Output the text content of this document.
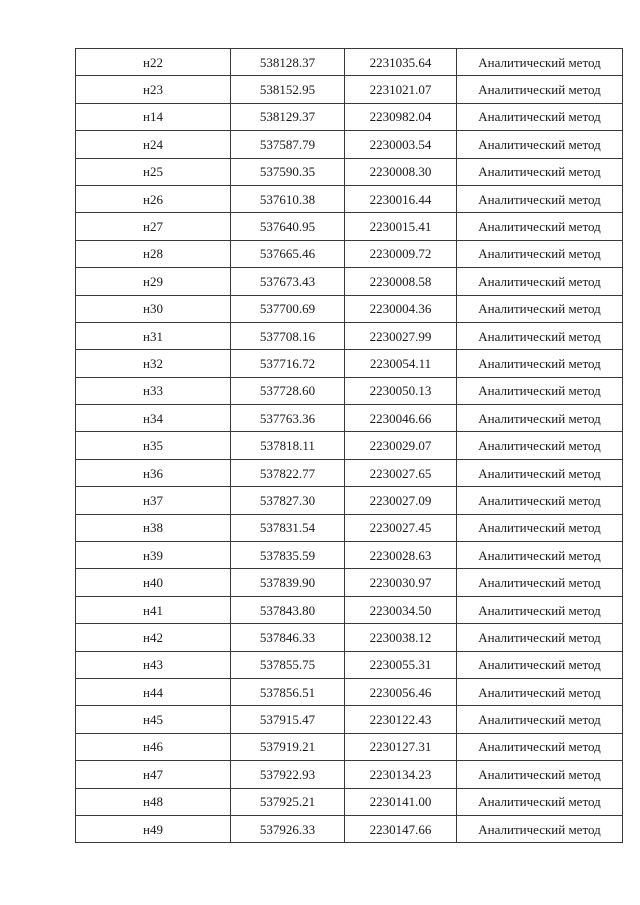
н22	538128.37	2231035.64	Аналитический метод
н23	538152.95	2231021.07	Аналитический метод
н14	538129.37	2230982.04	Аналитический метод
н24	537587.79	2230003.54	Аналитический метод
н25	537590.35	2230008.30	Аналитический метод
н26	537610.38	2230016.44	Аналитический метод
н27	537640.95	2230015.41	Аналитический метод
н28	537665.46	2230009.72	Аналитический метод
н29	537673.43	2230008.58	Аналитический метод
н30	537700.69	2230004.36	Аналитический метод
н31	537708.16	2230027.99	Аналитический метод
н32	537716.72	2230054.11	Аналитический метод
н33	537728.60	2230050.13	Аналитический метод
н34	537763.36	2230046.66	Аналитический метод
н35	537818.11	2230029.07	Аналитический метод
н36	537822.77	2230027.65	Аналитический метод
н37	537827.30	2230027.09	Аналитический метод
н38	537831.54	2230027.45	Аналитический метод
н39	537835.59	2230028.63	Аналитический метод
н40	537839.90	2230030.97	Аналитический метод
н41	537843.80	2230034.50	Аналитический метод
н42	537846.33	2230038.12	Аналитический метод
н43	537855.75	2230055.31	Аналитический метод
н44	537856.51	2230056.46	Аналитический метод
н45	537915.47	2230122.43	Аналитический метод
н46	537919.21	2230127.31	Аналитический метод
н47	537922.93	2230134.23	Аналитический метод
н48	537925.21	2230141.00	Аналитический метод
н49	537926.33	2230147.66	Аналитический метод
